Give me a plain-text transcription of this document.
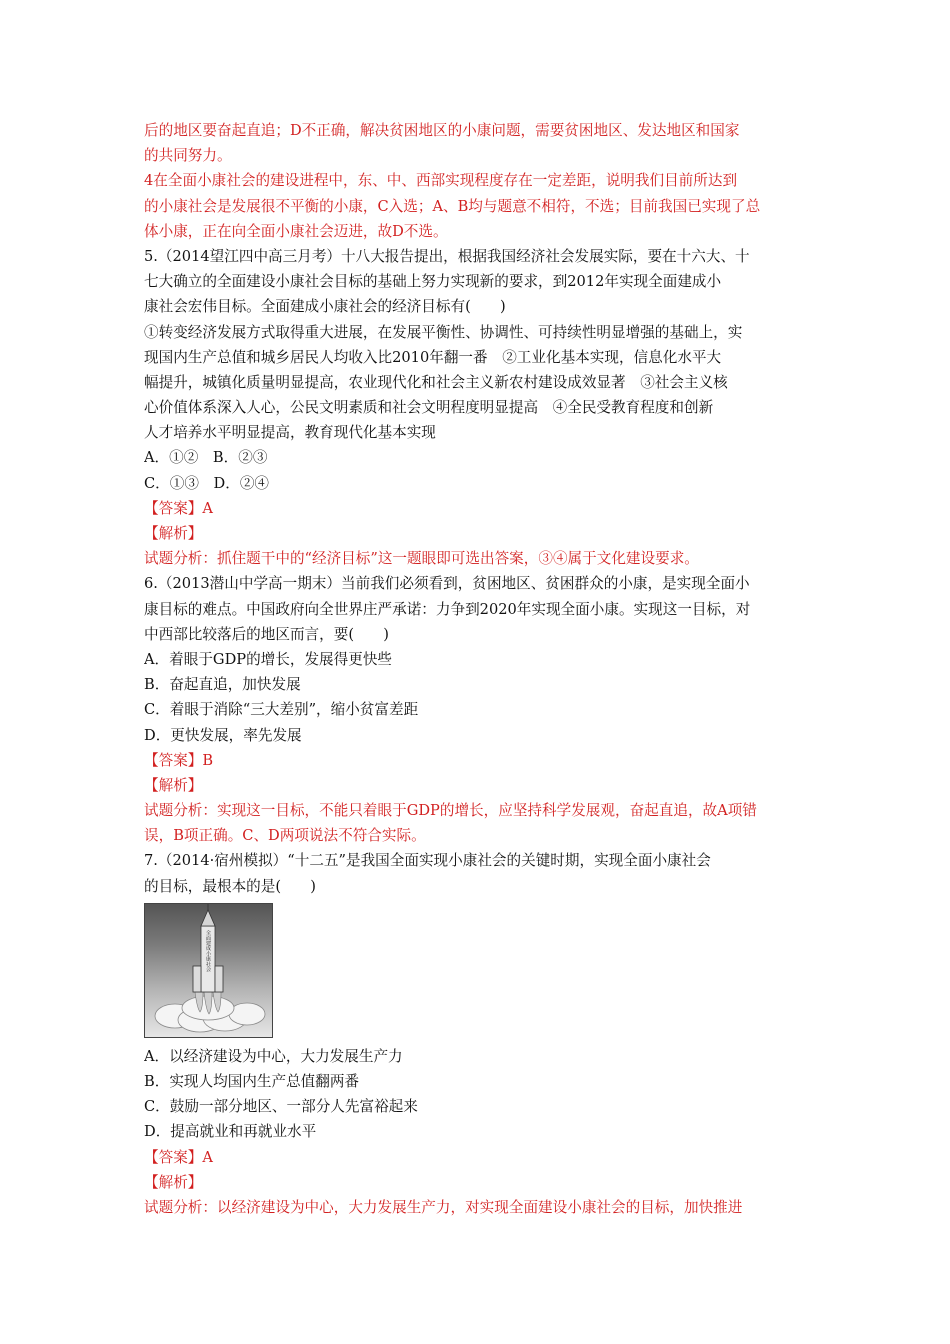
后的地区要奋起直追；D不正确，解决贫困地区的小康问题，需要贫困地区、发达地区和国家
的共同努力。
4在全面小康社会的建设进程中，东、中、西部实现程度存在一定差距，说明我们目前所达到
的小康社会是发展很不平衡的小康，C入选；A、B均与题意不相符，不选；目前我国已实现了总
体小康，正在向全面小康社会迈进，故D不选。
5.（2014望江四中高三月考）十八大报告提出，根据我国经济社会发展实际，要在十六大、十
七大确立的全面建设小康社会目标的基础上努力实现新的要求，到2012年实现全面建成小
康社会宏伟目标。全面建成小康社会的经济目标有(　　)
①转变经济发展方式取得重大进展，在发展平衡性、协调性、可持续性明显增强的基础上，实
现国内生产总值和城乡居民人均收入比2010年翻一番　②工业化基本实现，信息化水平大
幅提升，城镇化质量明显提高，农业现代化和社会主义新农村建设成效显著　③社会主义核
心价值体系深入人心，公民文明素质和社会文明程度明显提高　④全民受教育程度和创新
人才培养水平明显提高，教育现代化基本实现
A．①②　B．②③
C．①③　D．②④
【答案】A
【解析】
试题分析：抓住题干中的“经济目标”这一题眼即可选出答案，③④属于文化建设要求。
6.（2013潜山中学高一期末）当前我们必须看到，贫困地区、贫困群众的小康，是实现全面小
康目标的难点。中国政府向全世界庄严承诺：力争到2020年实现全面小康。实现这一目标，对
中西部比较落后的地区而言，要(　　)
A．着眼于GDP的增长，发展得更快些
B．奋起直追，加快发展
C．着眼于消除“三大差别”，缩小贫富差距
D．更快发展，率先发展
【答案】B
【解析】
试题分析：实现这一目标，不能只着眼于GDP的增长，应坚持科学发展观，奋起直追，故A项错
误，B项正确。C、D两项说法不符合实际。
7.（2014·宿州模拟）“十二五”是我国全面实现小康社会的关键时期，实现全面小康社会
的目标，最根本的是(　　)
全面建成小康社会
A．以经济建设为中心，大力发展生产力
B．实现人均国内生产总值翻两番
C．鼓励一部分地区、一部分人先富裕起来
D．提高就业和再就业水平
【答案】A
【解析】
试题分析：以经济建设为中心，大力发展生产力，对实现全面建设小康社会的目标，加快推进
